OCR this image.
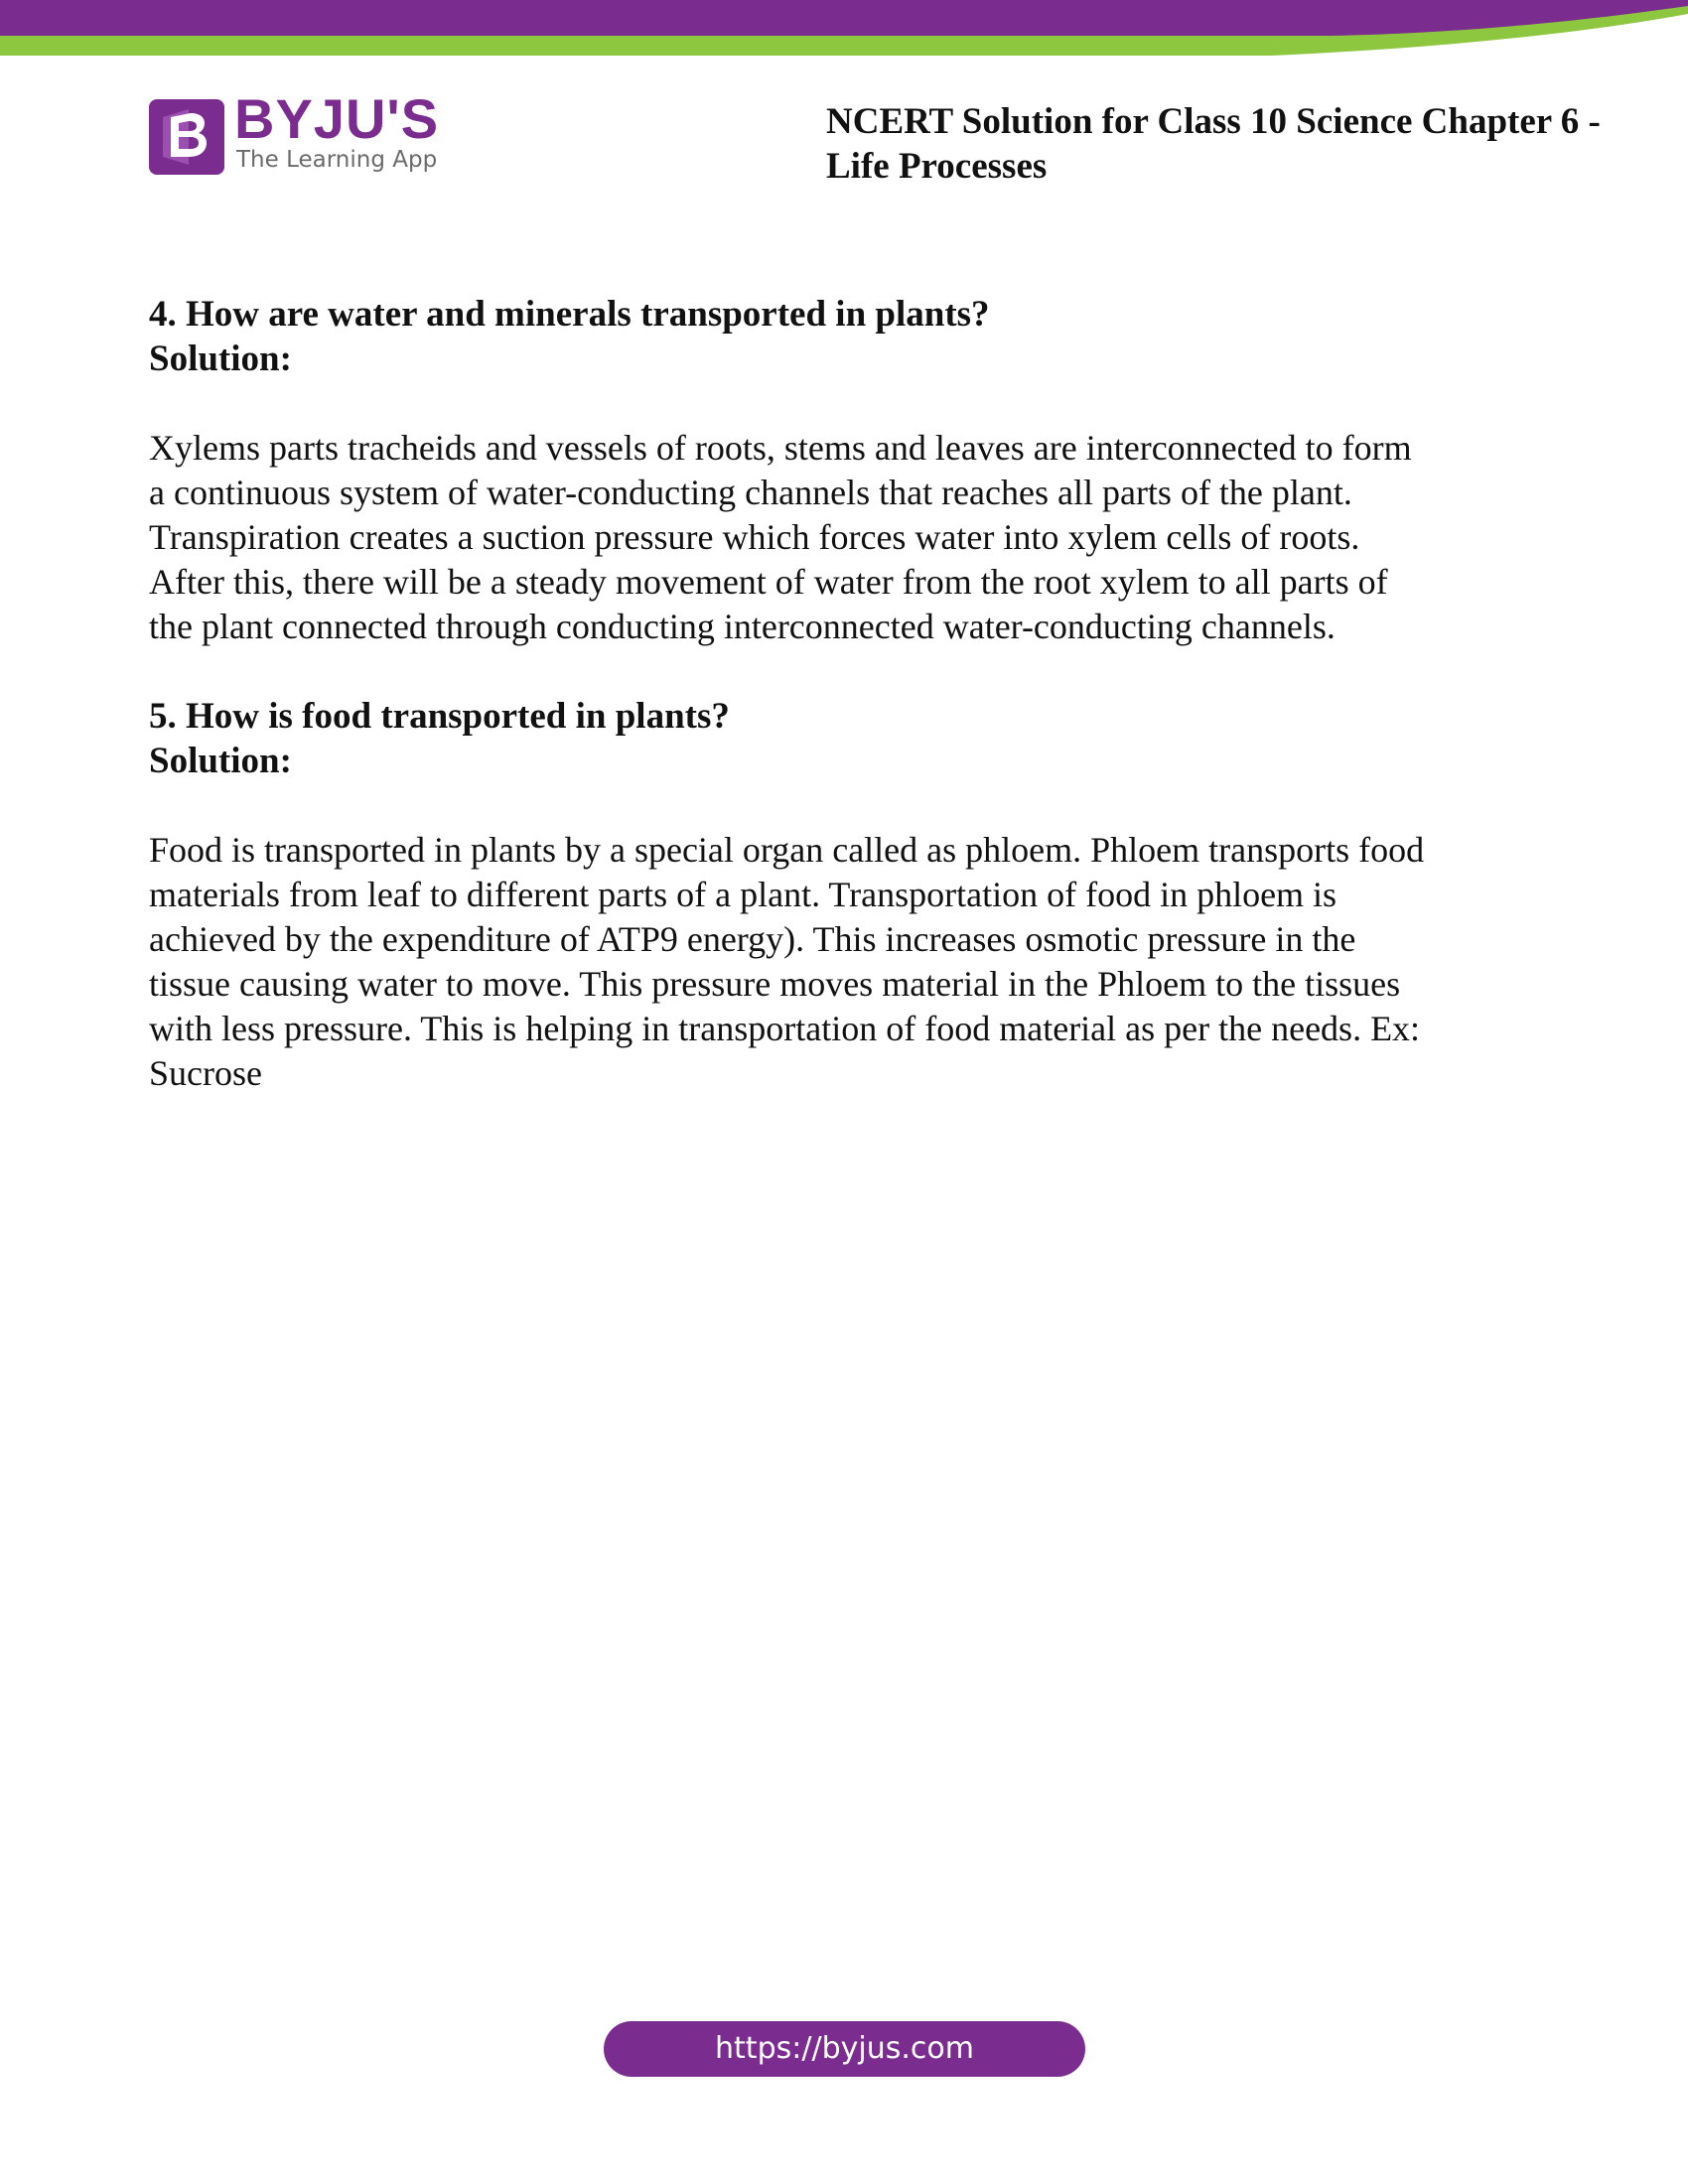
BYJU'S
The Learning App
NCERT Solution for Class 10 Science Chapter 6 -
Life Processes

4. How are water and minerals transported in plants?

Solution:

Xylems parts tracheids and vessels of roots, stems and leaves are interconnected to form
a continuous system of water-conducting channels that reaches all parts of the plant.
Transpiration creates a suction pressure which forces water into xylem cells of roots.
After this, there will be a steady movement of water from the root xylem to all parts of
the plant connected through conducting interconnected water-conducting channels.

5. How is food transported in plants?

Solution:

Food is transported in plants by a special organ called as phloem. Phloem transports food
materials from leaf to different parts of a plant. Transportation of food in phloem is
achieved by the expenditure of ATP9 energy). This increases osmotic pressure in the
tissue causing water to move. This pressure moves material in the Phloem to the tissues
with less pressure. This is helping in transportation of food material as per the needs. Ex:
Sucrose
https://byjus.com
